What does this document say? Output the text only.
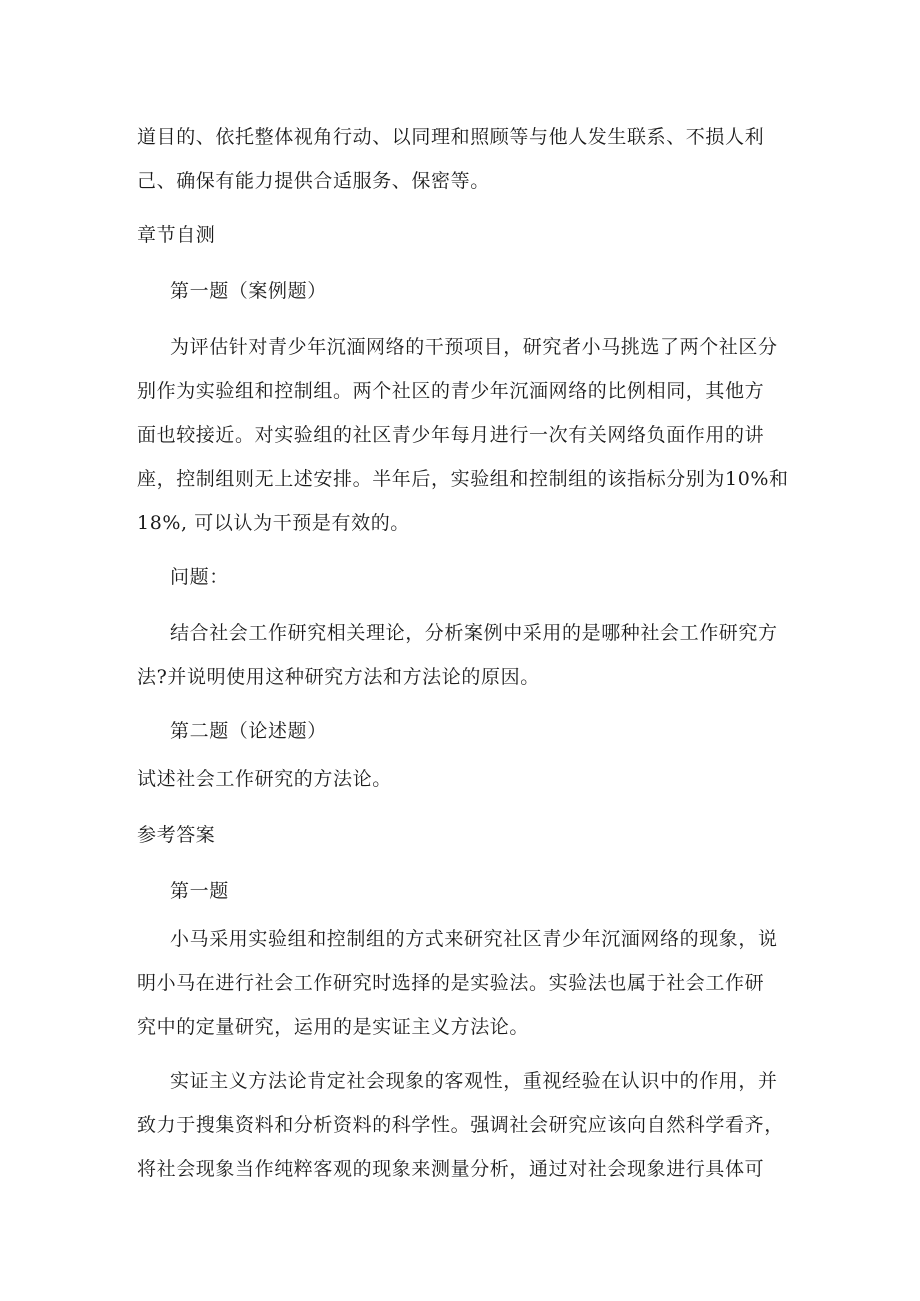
道目的、依托整体视角行动、以同理和照顾等与他人发生联系、不损人利
己、确保有能力提供合适服务、保密等。
章节自测
第一题（案例题）
为评估针对青少年沉湎网络的干预项目，研究者小马挑选了两个社区分
别作为实验组和控制组。两个社区的青少年沉湎网络的比例相同，其他方
面也较接近。对实验组的社区青少年每月进行一次有关网络负面作用的讲
座，控制组则无上述安排。半年后，实验组和控制组的该指标分别为10%和
18%, 可以认为干预是有效的。
问题：
结合社会工作研究相关理论，分析案例中采用的是哪种社会工作研究方
法?并说明使用这种研究方法和方法论的原因。
第二题（论述题）
试述社会工作研究的方法论。
参考答案
第一题
小马采用实验组和控制组的方式来研究社区青少年沉湎网络的现象，说
明小马在进行社会工作研究时选择的是实验法。实验法也属于社会工作研
究中的定量研究，运用的是实证主义方法论。
实证主义方法论肯定社会现象的客观性，重视经验在认识中的作用，并
致力于搜集资料和分析资料的科学性。强调社会研究应该向自然科学看齐，
将社会现象当作纯粹客观的现象来测量分析，通过对社会现象进行具体可
